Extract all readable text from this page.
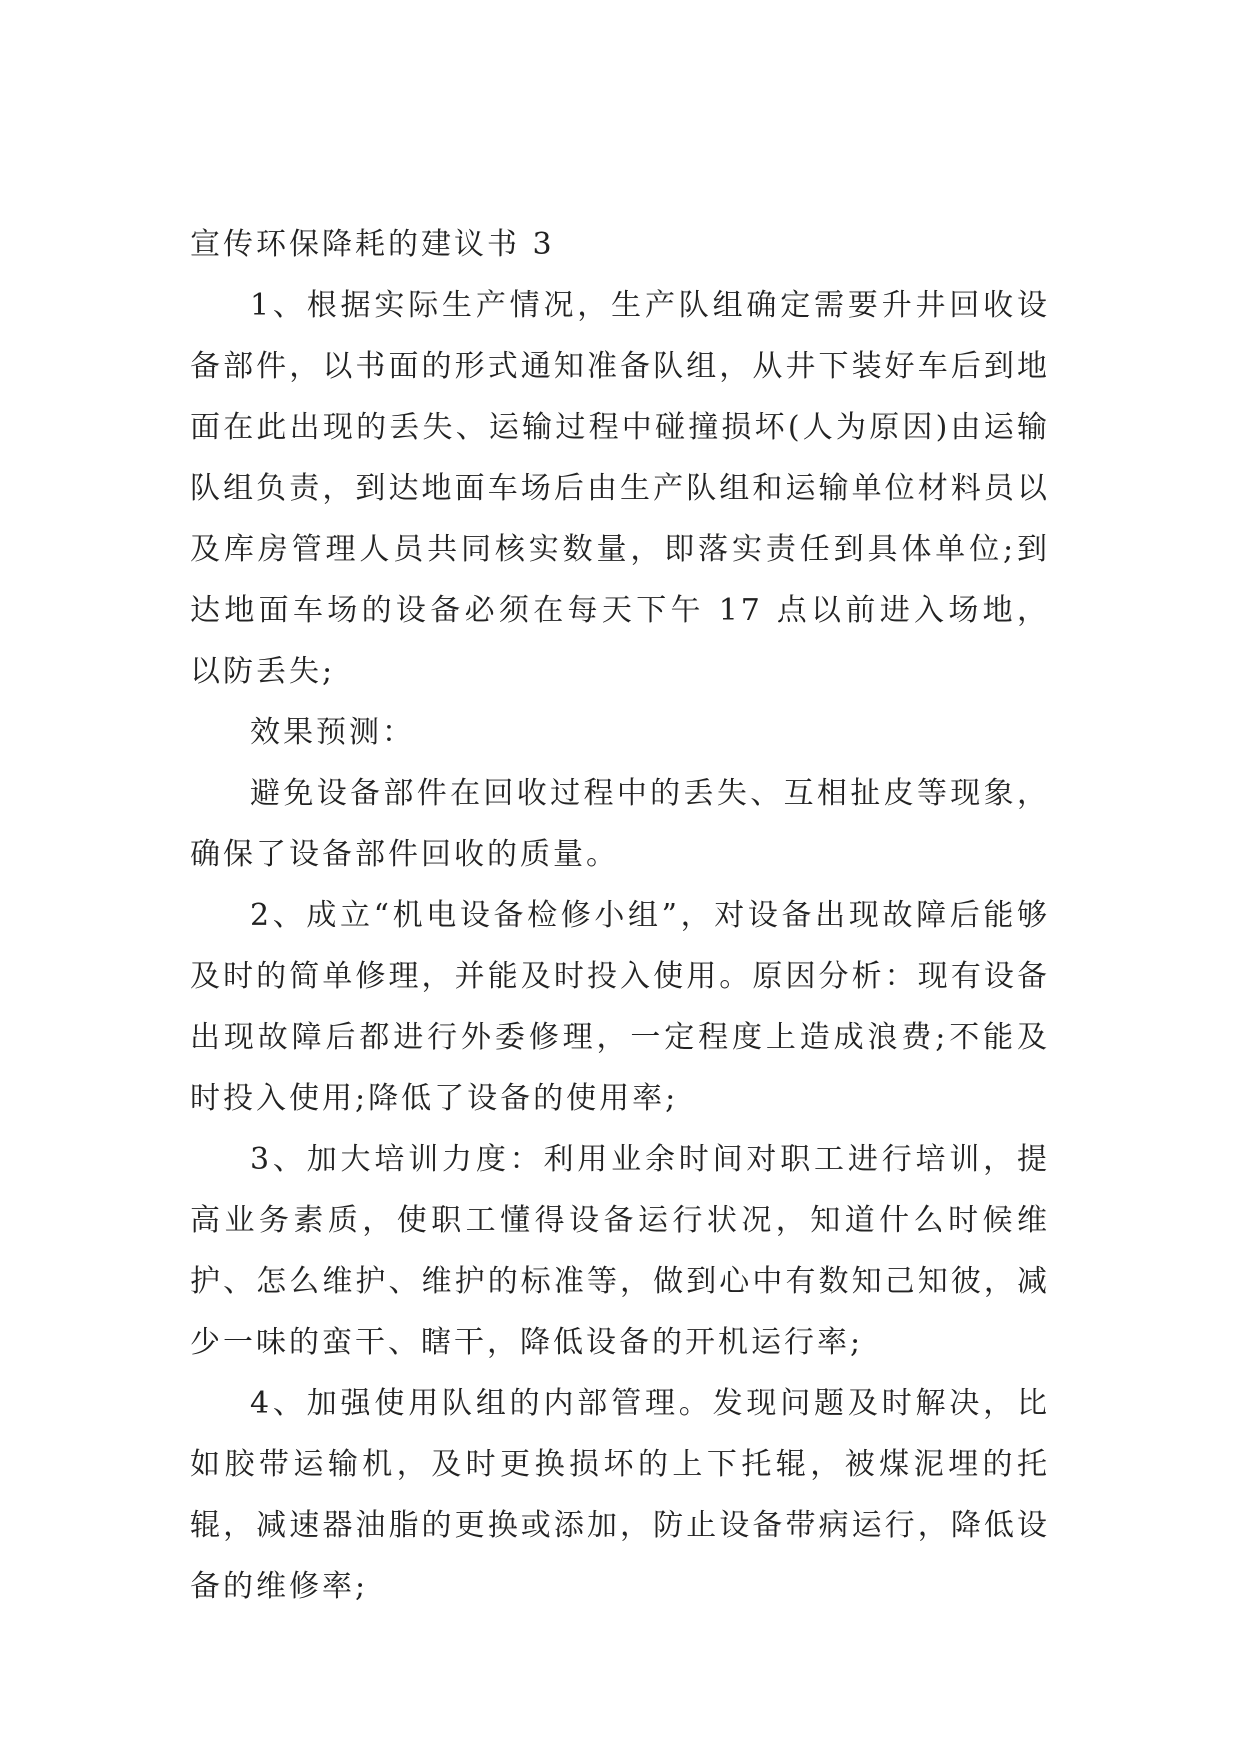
宣传环保降耗的建议书 3

1、根据实际生产情况，生产队组确定需要升井回收设备部件，以书面的形式通知准备队组，从井下装好车后到地面在此出现的丢失、运输过程中碰撞损坏(人为原因)由运输队组负责，到达地面车场后由生产队组和运输单位材料员以及库房管理人员共同核实数量，即落实责任到具体单位;到达地面车场的设备必须在每天下午 17 点以前进入场地，以防丢失;

效果预测：

避免设备部件在回收过程中的丢失、互相扯皮等现象，确保了设备部件回收的质量。

2、成立“机电设备检修小组”，对设备出现故障后能够及时的简单修理，并能及时投入使用。原因分析：现有设备出现故障后都进行外委修理，一定程度上造成浪费;不能及时投入使用;降低了设备的使用率;

3、加大培训力度：利用业余时间对职工进行培训，提高业务素质，使职工懂得设备运行状况，知道什么时候维护、怎么维护、维护的标准等，做到心中有数知己知彼，减少一味的蛮干、瞎干，降低设备的开机运行率;

4、加强使用队组的内部管理。发现问题及时解决，比如胶带运输机，及时更换损坏的上下托辊，被煤泥埋的托辊，减速器油脂的更换或添加，防止设备带病运行，降低设备的维修率;
